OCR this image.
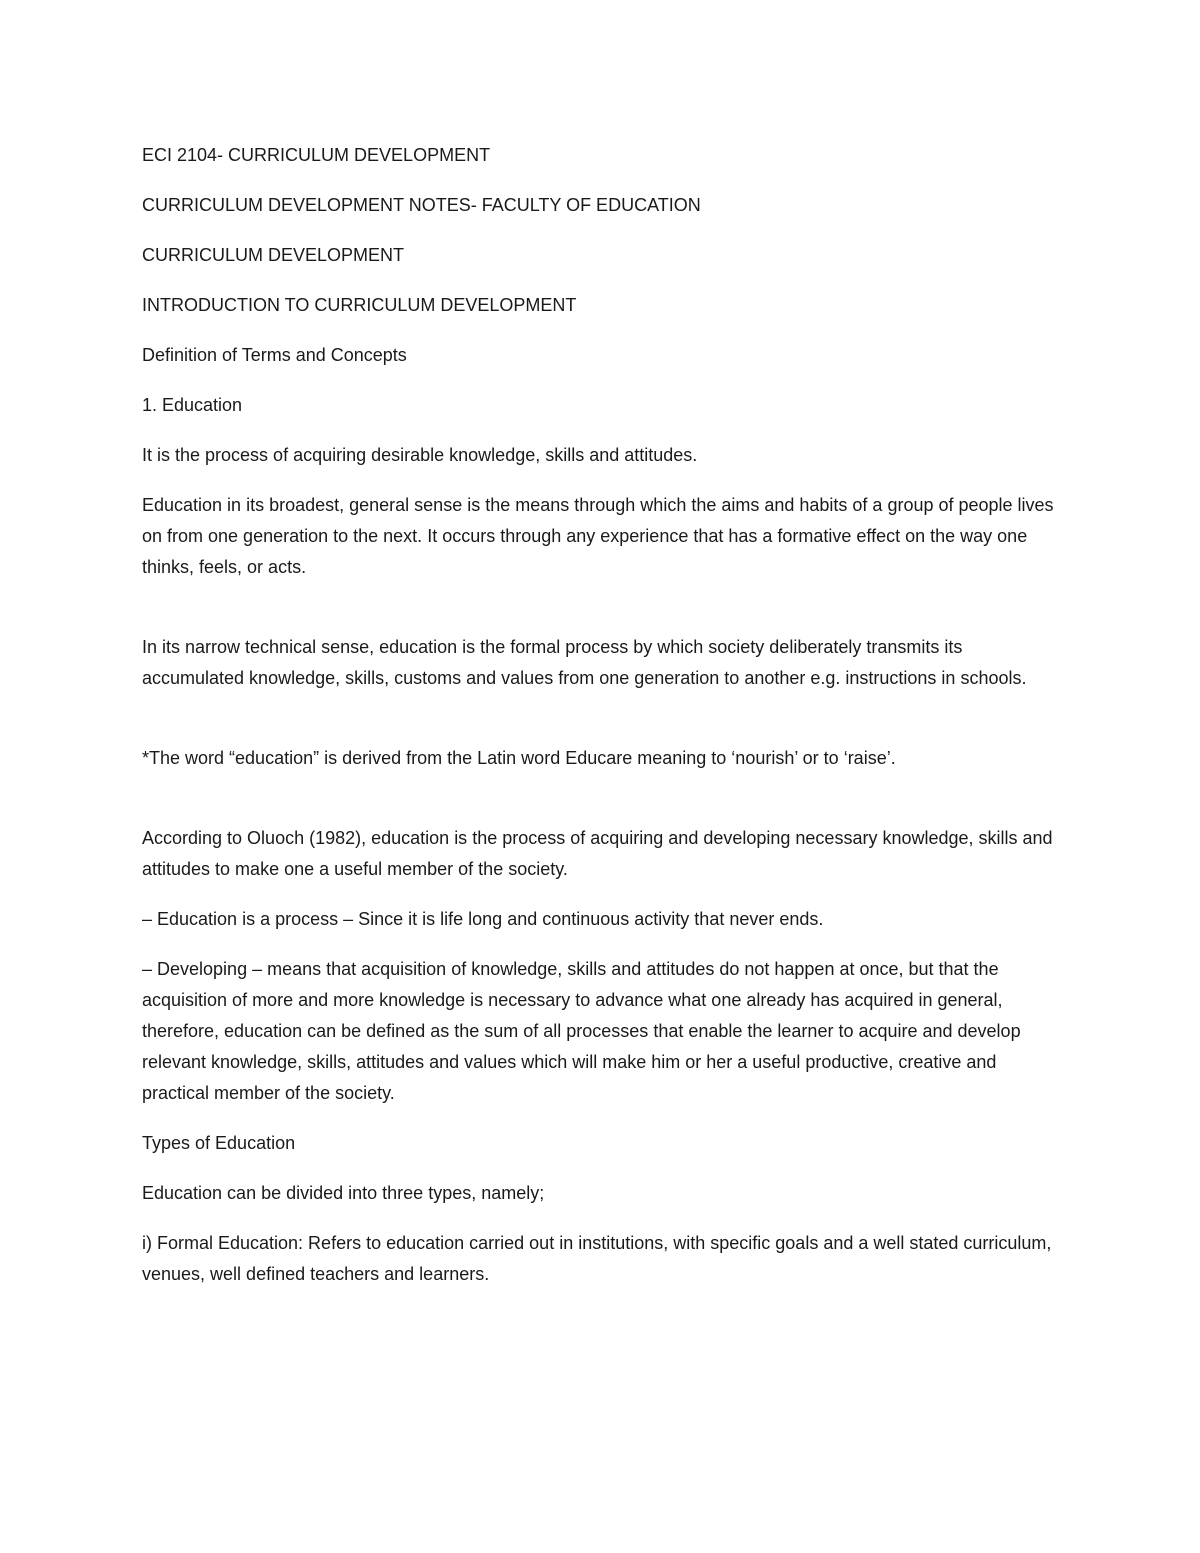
ECI 2104- CURRICULUM DEVELOPMENT

CURRICULUM DEVELOPMENT NOTES- FACULTY OF EDUCATION

CURRICULUM DEVELOPMENT

INTRODUCTION TO CURRICULUM DEVELOPMENT

Definition of Terms and Concepts

1. Education

It is the process of acquiring desirable knowledge, skills and attitudes.

Education in its broadest, general sense is the means through which the aims and habits of a group of people lives on from one generation to the next. It occurs through any experience that has a formative effect on the way one thinks, feels, or acts.

In its narrow technical sense, education is the formal process by which society deliberately transmits its accumulated knowledge, skills, customs and values from one generation to another e.g. instructions in schools.

*The word “education” is derived from the Latin word Educare meaning to ‘nourish’ or to ‘raise’.

According to Oluoch (1982), education is the process of acquiring and developing necessary knowledge, skills and attitudes to make one a useful member of the society.

– Education is a process – Since it is life long and continuous activity that never ends.

– Developing – means that acquisition of knowledge, skills and attitudes do not happen at once, but that the acquisition of more and more knowledge is necessary to advance what one already has acquired in general, therefore, education can be defined as the sum of all processes that enable the learner to acquire and develop relevant knowledge, skills, attitudes and values which will make him or her a useful productive, creative and practical member of the society.

Types of Education

Education can be divided into three types, namely;

i) Formal Education: Refers to education carried out in institutions, with specific goals and a well stated curriculum, venues, well defined teachers and learners.
